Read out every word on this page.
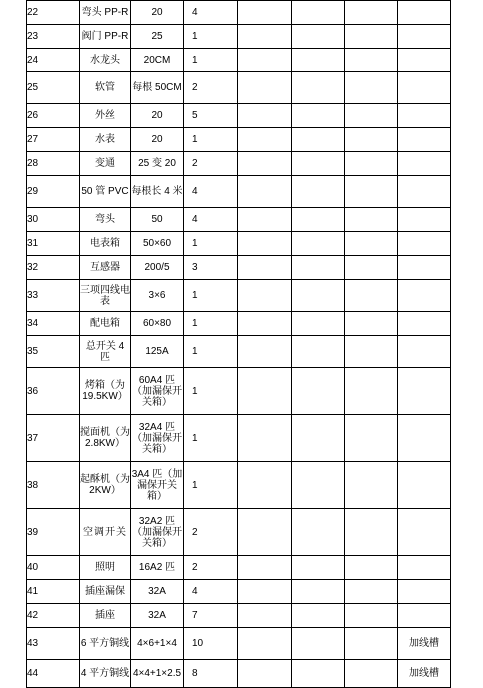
22	弯头 PP-R	20	4				
23	阀门 PP-R	25	1				
24	水龙头	20CM	1				
25	软管	每根 50CM	2				
26	外丝	20	5				
27	水表	20	1				
28	变通	25 变 20	2				
29	50 管 PVC	每根长 4 米	4				
30	弯头	50	4				
31	电表箱	50×60	1				
32	互感器	200/5	3				
33	三项四线电表	3×6	1				
34	配电箱	60×80	1				
35	总开关 4 匹	125A	1				
36	烤箱（为 19.5KW）	60A4 匹（加漏保开关箱）	1				
37	搅面机（为 2.8KW）	32A4 匹（加漏保开关箱）	1				
38	起酥机（为 2KW）	3A4 匹（加漏保开关箱）	1				
39	空调开关	32A2 匹（加漏保开关箱）	2				
40	照明	16A2 匹	2				
41	插座漏保	32A	4				
42	插座	32A	7				
43	6 平方铜线	4×6+1×4	10				加线槽
44	4 平方铜线	4×4+1×2.5	8				加线槽
